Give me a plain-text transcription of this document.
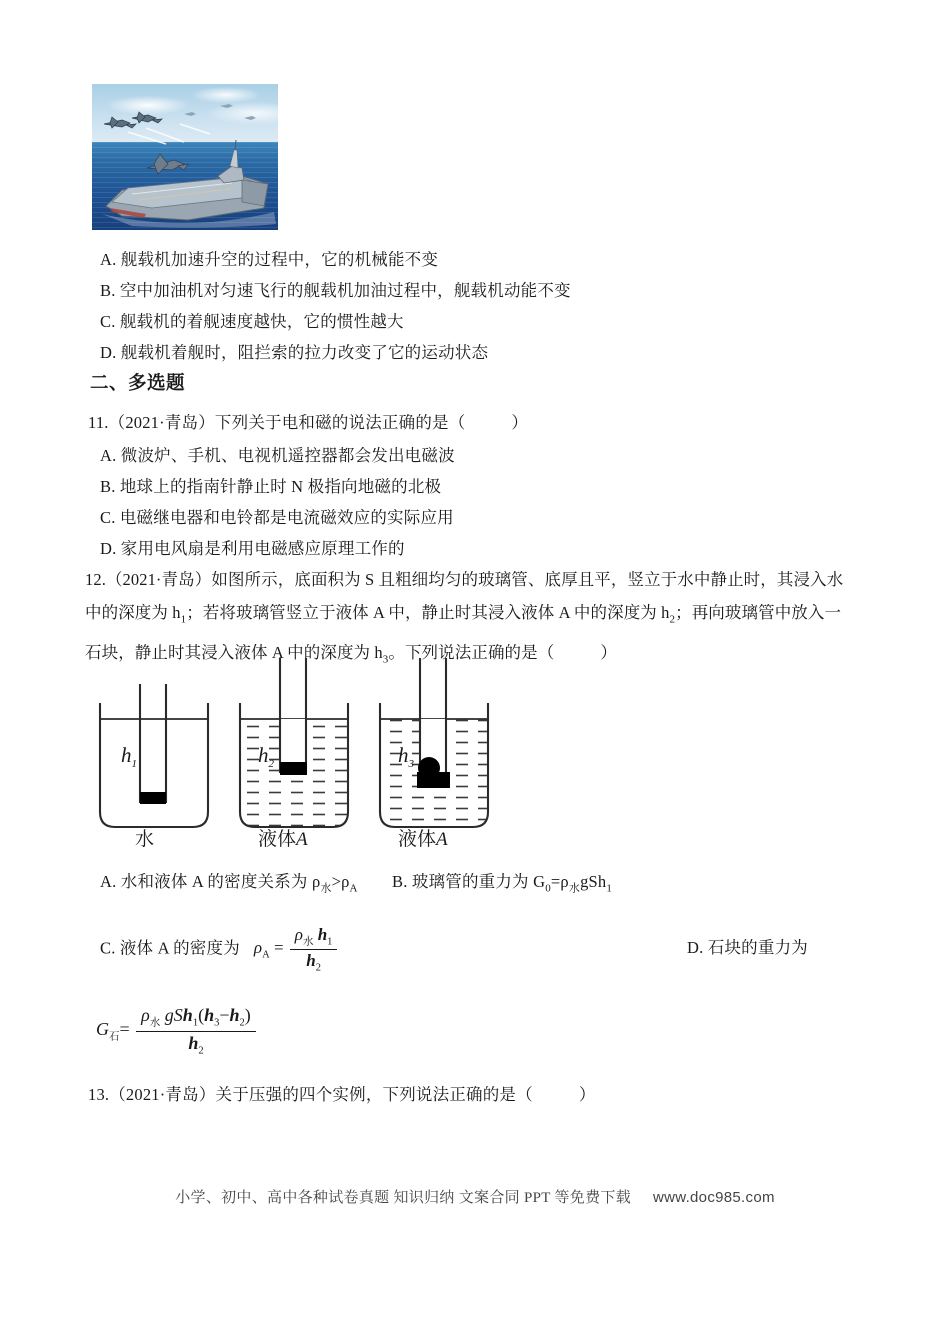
A. 舰载机加速升空的过程中，它的机械能不变
B. 空中加油机对匀速飞行的舰载机加油过程中，舰载机动能不变
C. 舰载机的着舰速度越快，它的惯性越大
D. 舰载机着舰时，阻拦索的拉力改变了它的运动状态
二、多选题
11.（2021·青岛）下列关于电和磁的说法正确的是（	）
A. 微波炉、手机、电视机遥控器都会发出电磁波
B. 地球上的指南针静止时 N 极指向地磁的北极
C. 电磁继电器和电铃都是电流磁效应的实际应用
D. 家用电风扇是利用电磁感应原理工作的
12.（2021·青岛）如图所示，底面积为 S 且粗细均匀的玻璃管、底厚且平，竖立于水中静止时，其浸入水
中的深度为 $h_1$；若将玻璃管竖立于液体 A 中，静止时其浸入液体 A 中的深度为 $h_2$；再向玻璃管中放入一
石块，静止时其浸入液体 A 中的深度为 $h_3$。下列说法正确的是（	）
$h_1$
水
$h_2$
液体A
$h_3$
液体A
A. 水和液体 A 的密度关系为 $\rho_水>\rho_A$ B. 玻璃管的重力为 $G_0=\rho_水gSh_1$
C. 液体 A 的密度为 $\rho_A = \frac{\rho_水 h_1}{h_2}$	D. 石块的重力为
$G_石= \frac{\rho_水 gSh_1(h_3-h_2)}{h_2}$
13.（2021·青岛）关于压强的四个实例，下列说法正确的是（	）
小学、初中、高中各种试卷真题 知识归纳 文案合同 PPT 等免费下载 www.doc985.com
